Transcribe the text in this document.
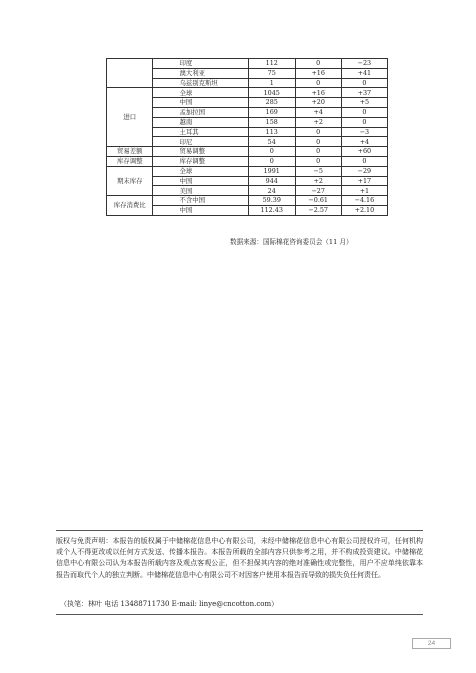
	印度	112	0	−23
	澳大利亚	75	+16	+41
	乌兹别克斯坦	1	0	0
进口	全球	1045	+16	+37
	中国	285	+20	+5
	孟加拉国	169	+4	0
	越南	158	+2	0
	土耳其	113	0	−3
	印尼	54	0	+4
贸易差额	贸易调整	0	0	+60
库存调整	库存调整	0	0	0
期末库存	全球	1991	−5	−29
	中国	944	+2	+17
	美国	24	−27	+1
库存消费比	不含中国	59.39	−0.61	−4.16
	中国	112.43	−2.57	+2.10
数据来源：国际棉花咨询委员会（11 月）
版权与免责声明：本报告的版权属于中储棉花信息中心有限公司，未经中储棉花信息中心有限公司授权许可，任何机构或个人不得更改或以任何方式发送、传播本报告。本报告所载的全部内容只供参考之用，并不构成投资建议。中储棉花信息中心有限公司认为本报告所载内容及观点客观公正，但不担保其内容的绝对准确性或完整性，用户不应单纯依靠本报告而取代个人的独立判断。中储棉花信息中心有限公司不对因客户使用本报告而导致的损失负任何责任。
（执笔：林叶 电话 13488711730 E-mail: linye@cncotton.com）
24
